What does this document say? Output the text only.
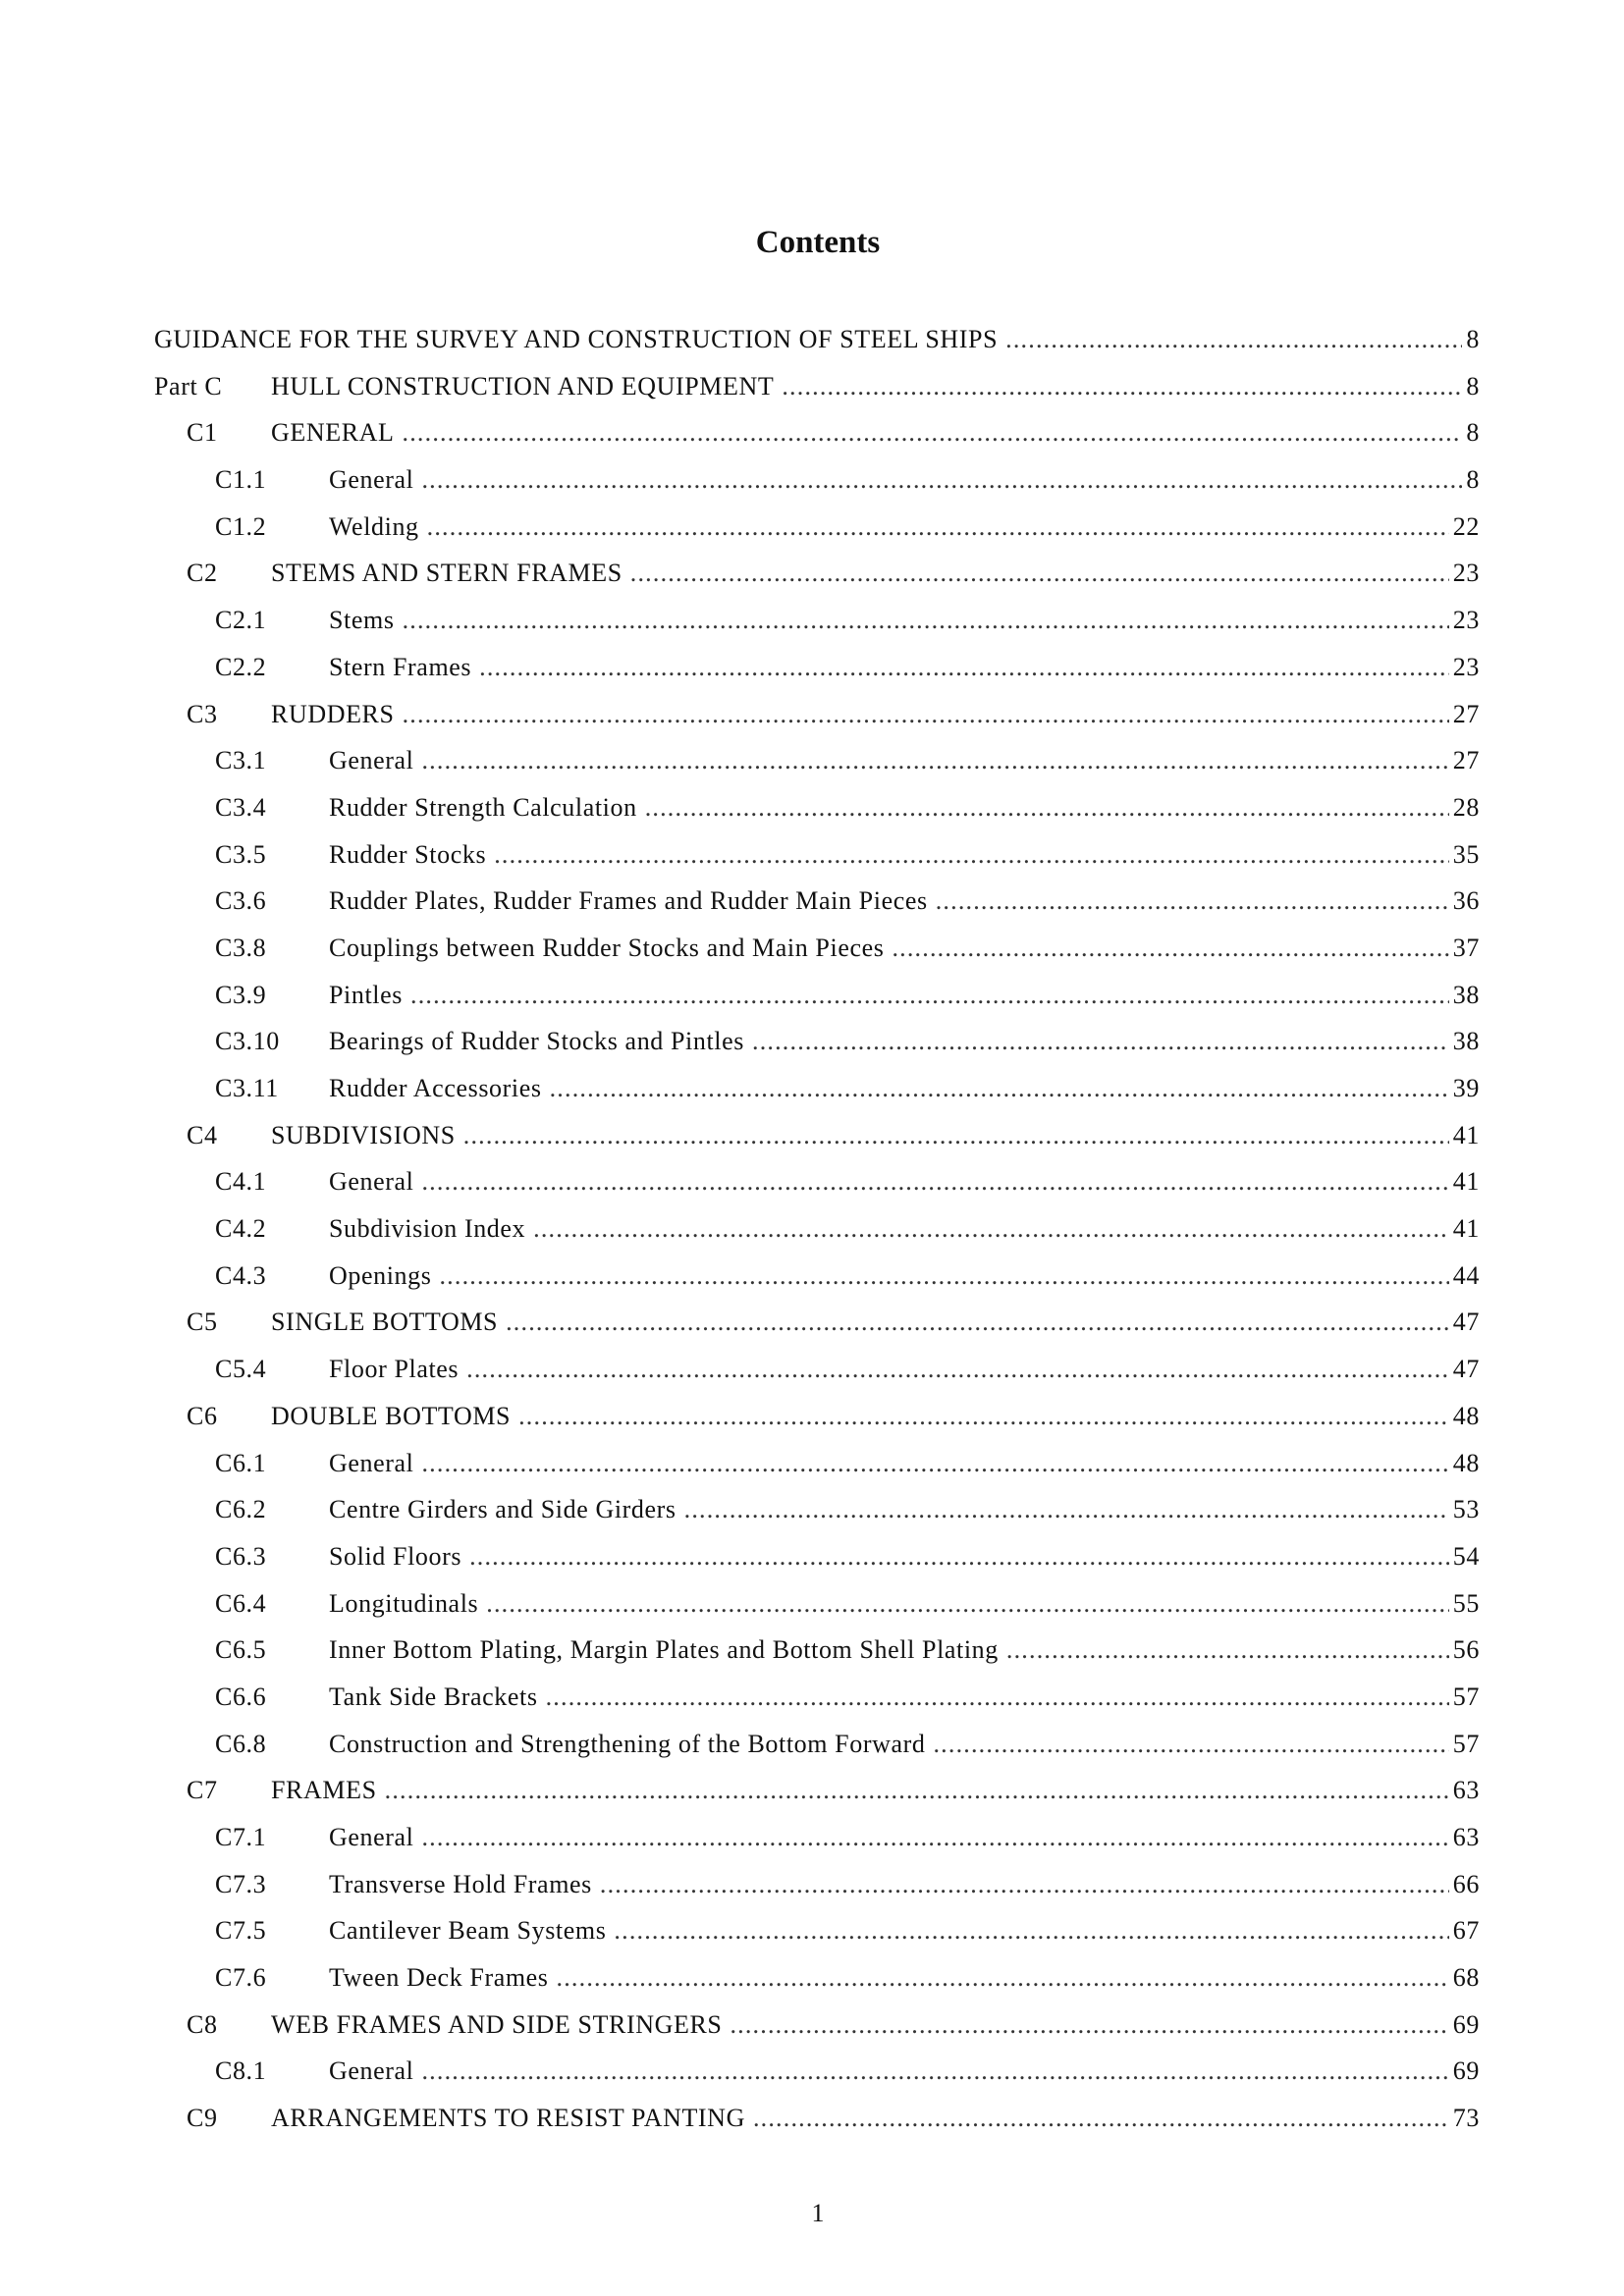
Contents
GUIDANCE FOR THE SURVEY AND CONSTRUCTION OF STEEL SHIPS .....	8
Part C	HULL CONSTRUCTION AND EQUIPMENT .....	8
C1	GENERAL .....	8
C1.1	General .....	8
C1.2	Welding .....	22
C2	STEMS AND STERN FRAMES .....	23
C2.1	Stems .....	23
C2.2	Stern Frames .....	23
C3	RUDDERS .....	27
C3.1	General .....	27
C3.4	Rudder Strength Calculation .....	28
C3.5	Rudder Stocks .....	35
C3.6	Rudder Plates, Rudder Frames and Rudder Main Pieces .....	36
C3.8	Couplings between Rudder Stocks and Main Pieces .....	37
C3.9	Pintles .....	38
C3.10	Bearings of Rudder Stocks and Pintles .....	38
C3.11	Rudder Accessories .....	39
C4	SUBDIVISIONS .....	41
C4.1	General .....	41
C4.2	Subdivision Index .....	41
C4.3	Openings .....	44
C5	SINGLE BOTTOMS .....	47
C5.4	Floor Plates .....	47
C6	DOUBLE BOTTOMS .....	48
C6.1	General .....	48
C6.2	Centre Girders and Side Girders .....	53
C6.3	Solid Floors .....	54
C6.4	Longitudinals .....	55
C6.5	Inner Bottom Plating, Margin Plates and Bottom Shell Plating .....	56
C6.6	Tank Side Brackets .....	57
C6.8	Construction and Strengthening of the Bottom Forward .....	57
C7	FRAMES .....	63
C7.1	General .....	63
C7.3	Transverse Hold Frames .....	66
C7.5	Cantilever Beam Systems .....	67
C7.6	Tween Deck Frames .....	68
C8	WEB FRAMES AND SIDE STRINGERS .....	69
C8.1	General .....	69
C9	ARRANGEMENTS TO RESIST PANTING .....	73
1
